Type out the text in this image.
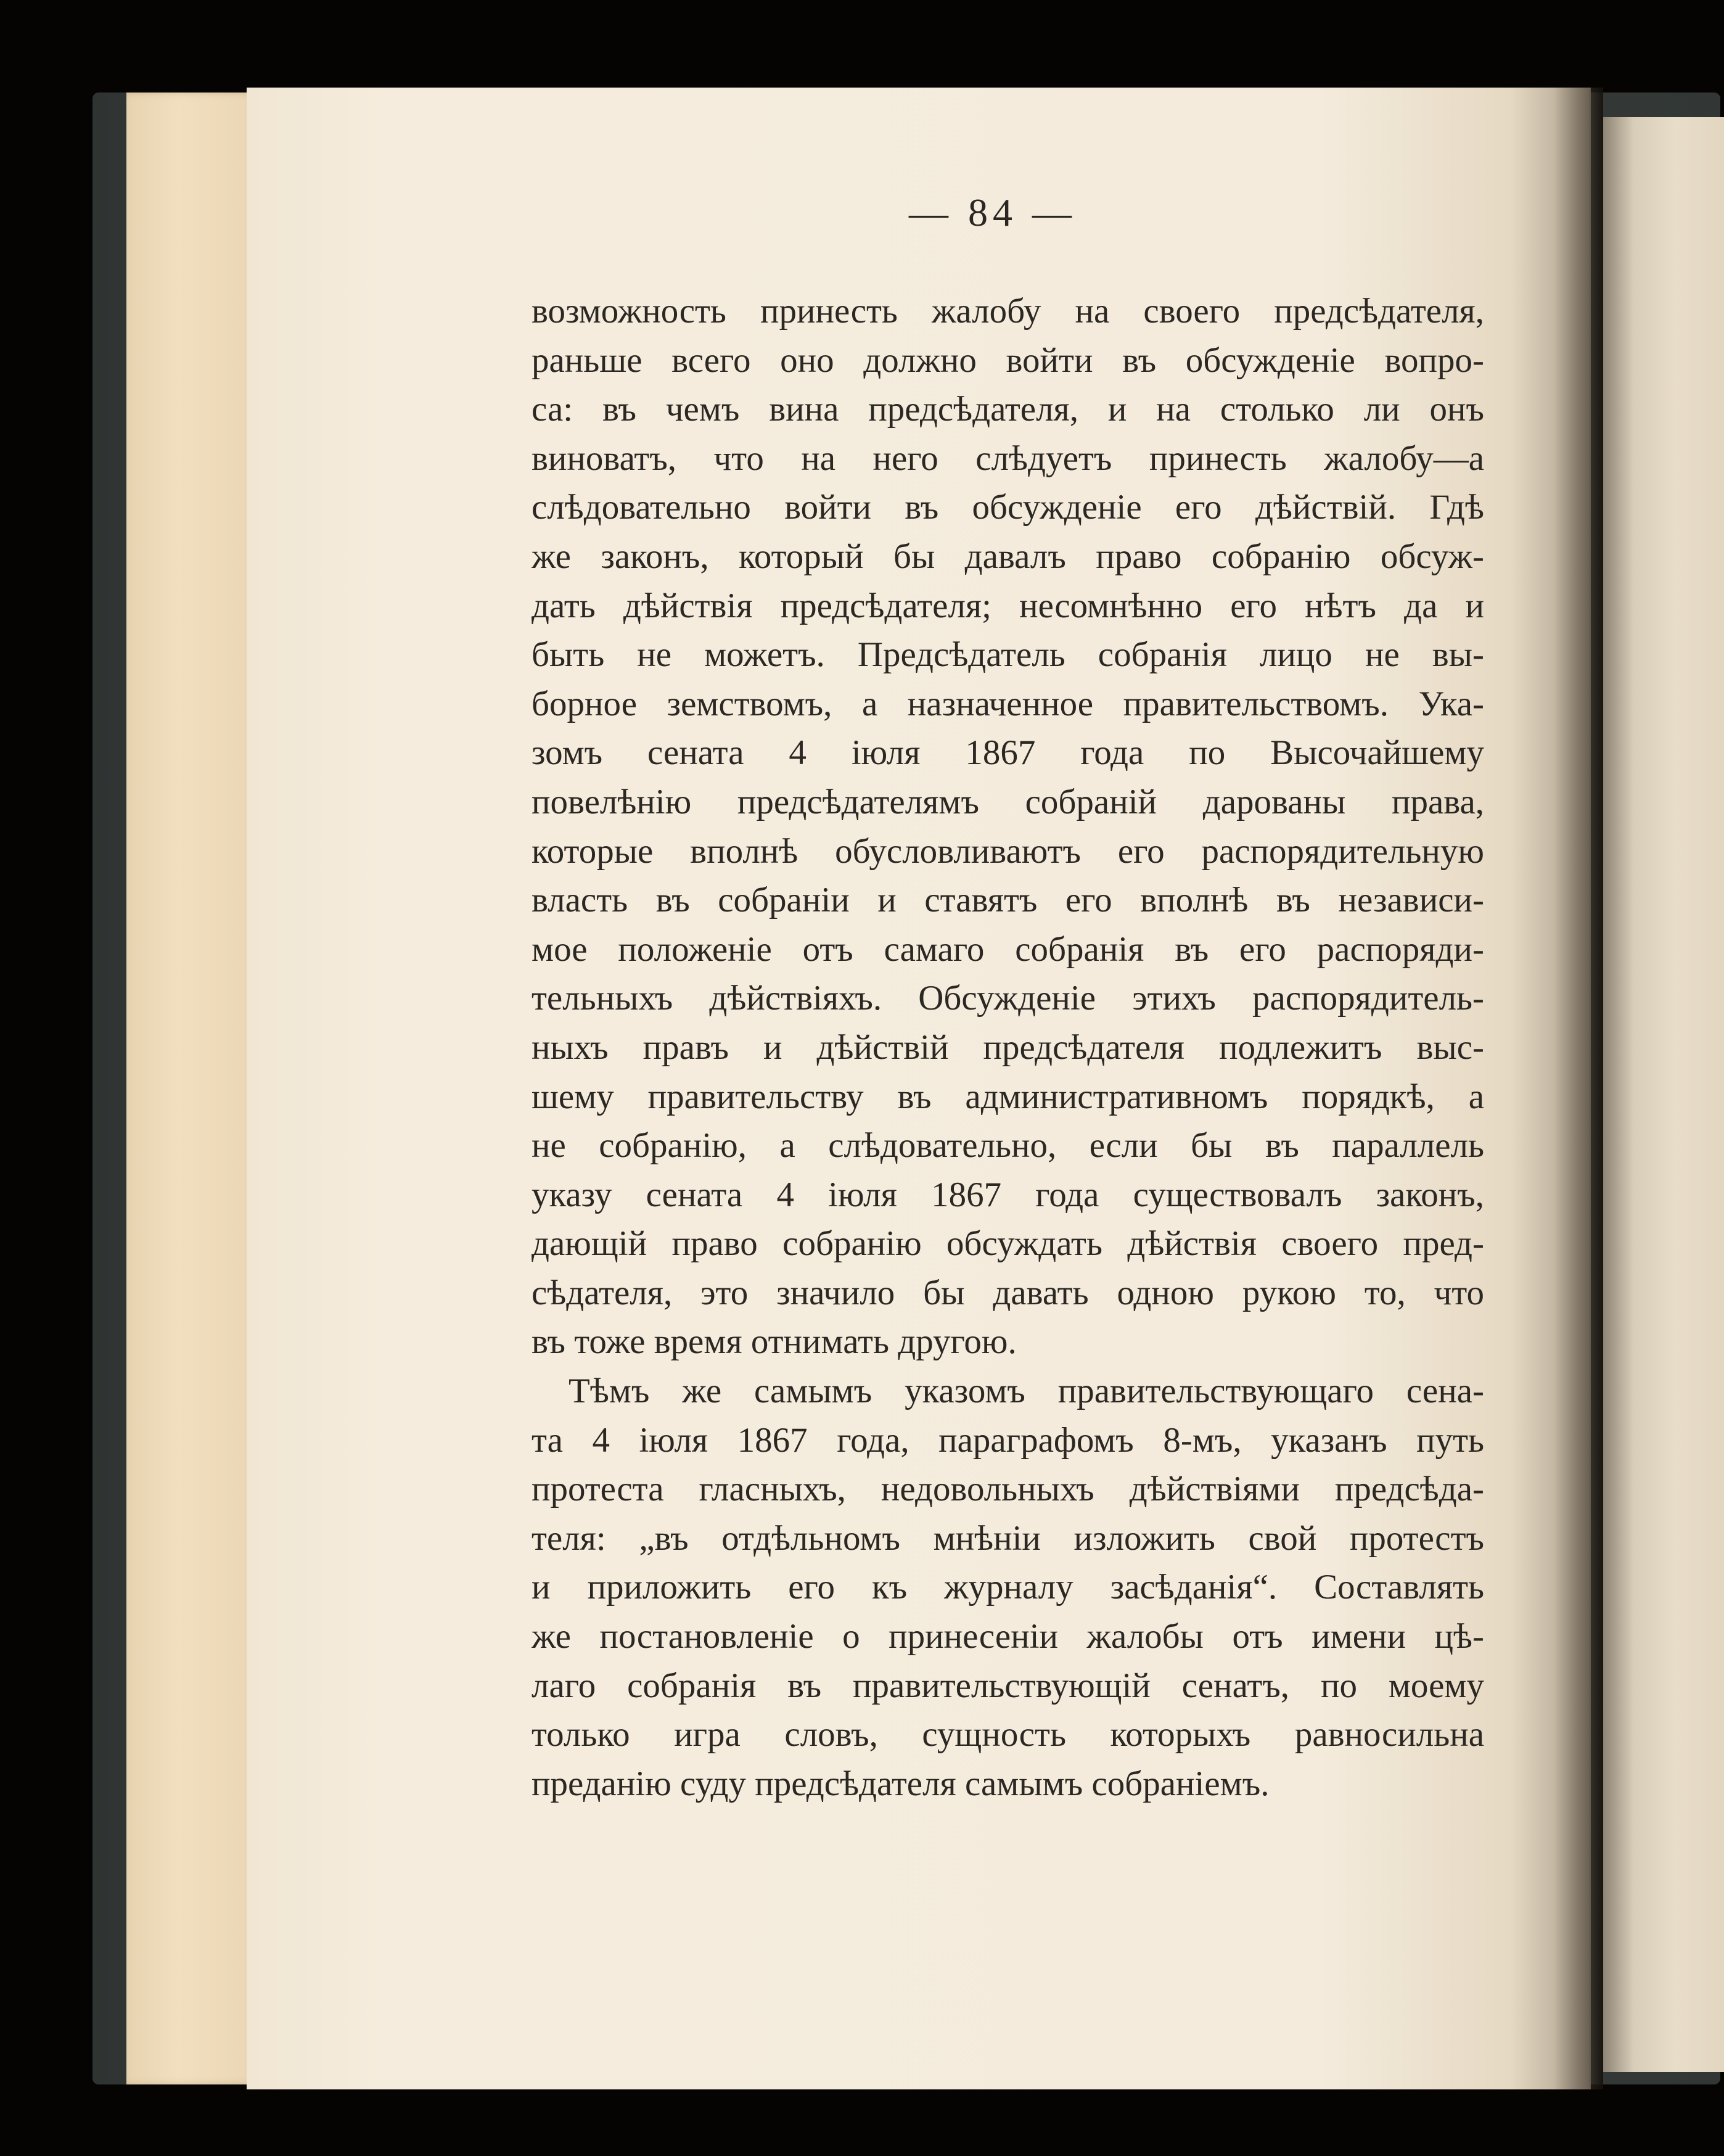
— 84 —
возможность принесть жалобу на своего предсѣдателя,
раньше всего оно должно войти въ обсужденіе вопро-
са: въ чемъ вина предсѣдателя, и на столько ли онъ
виноватъ, что на него слѣдуетъ принесть жалобу—а
слѣдовательно войти въ обсужденіе его дѣйствій. Гдѣ
же законъ, который бы давалъ право собранію обсуж-
дать дѣйствія предсѣдателя; несомнѣнно его нѣтъ да и
быть не можетъ. Предсѣдатель собранія лицо не вы-
борное земствомъ, а назначенное правительствомъ. Ука-
зомъ сената 4 іюля 1867 года по Высочайшему
повелѣнію предсѣдателямъ собраній дарованы права,
которые вполнѣ обусловливаютъ его распорядительную
власть въ собраніи и ставятъ его вполнѣ въ независи-
мое положеніе отъ самаго собранія въ его распоряди-
тельныхъ дѣйствіяхъ. Обсужденіе этихъ распорядитель-
ныхъ правъ и дѣйствій предсѣдателя подлежитъ выс-
шему правительству въ административномъ порядкѣ, а
не собранію, а слѣдовательно, если бы въ параллель
указу сената 4 іюля 1867 года существовалъ законъ,
дающій право собранію обсуждать дѣйствія своего пред-
сѣдателя, это значило бы давать одною рукою то, что
въ тоже время отнимать другою.
Тѣмъ же самымъ указомъ правительствующаго сена-
та 4 іюля 1867 года, параграфомъ 8-мъ, указанъ путь
протеста гласныхъ, недовольныхъ дѣйствіями предсѣда-
теля: „въ отдѣльномъ мнѣніи изложить свой протестъ
и приложить его къ журналу засѣданія“. Составлять
же постановленіе о принесеніи жалобы отъ имени цѣ-
лаго собранія въ правительствующій сенатъ, по моему
только игра словъ, сущность которыхъ равносильна
преданію суду предсѣдателя самымъ собраніемъ.
